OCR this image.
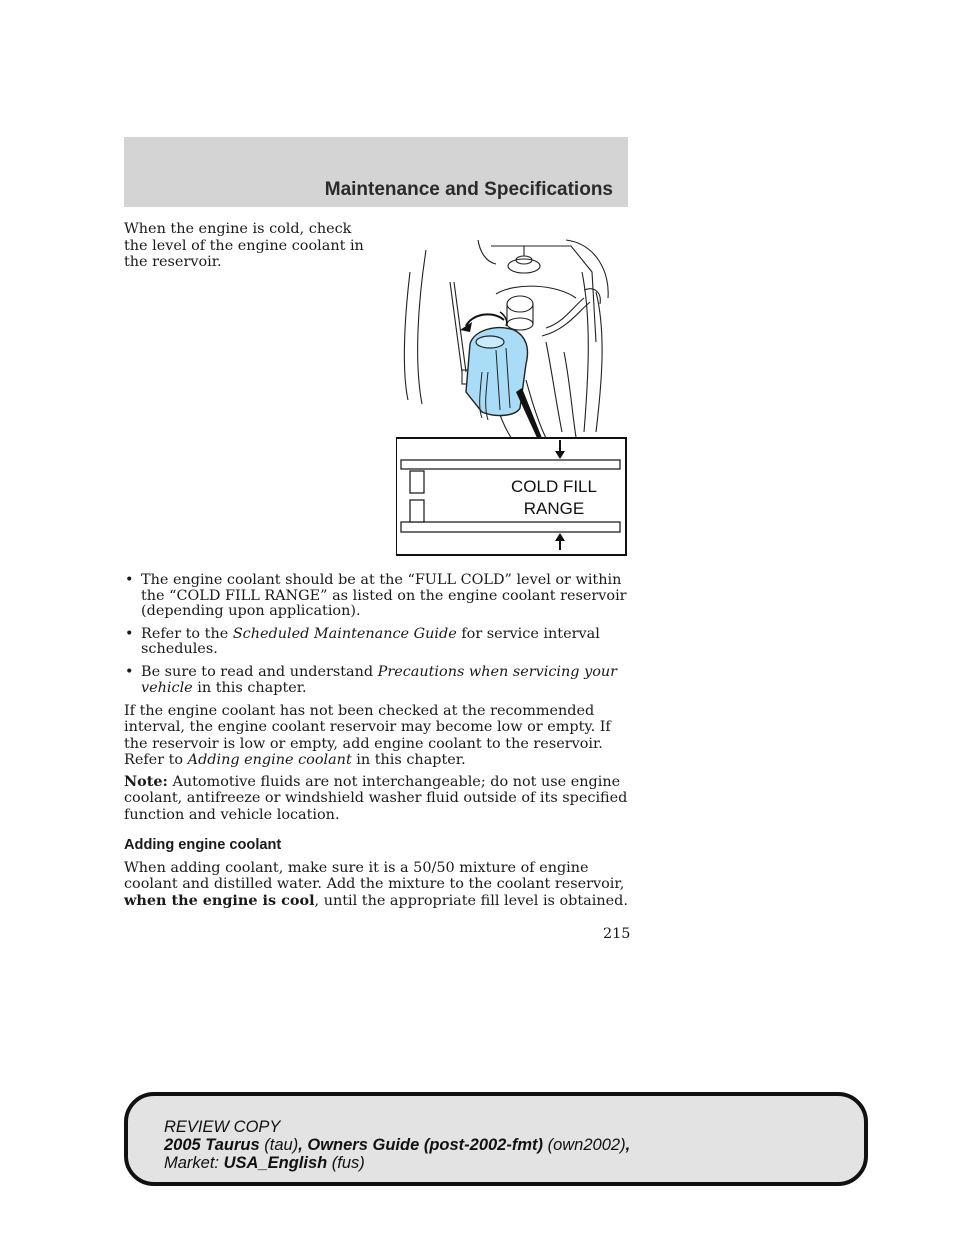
Maintenance and Specifications
When the engine is cold, check the level of the engine coolant in the reservoir.
COLD FILL
RANGE
• The engine coolant should be at the “FULL COLD” level or within the “COLD FILL RANGE” as listed on the engine coolant reservoir (depending upon application).
• Refer to the Scheduled Maintenance Guide for service interval schedules.
• Be sure to read and understand Precautions when servicing your vehicle in this chapter.

If the engine coolant has not been checked at the recommended interval, the engine coolant reservoir may become low or empty. If the reservoir is low or empty, add engine coolant to the reservoir. Refer to Adding engine coolant in this chapter.

Note: Automotive fluids are not interchangeable; do not use engine coolant, antifreeze or windshield washer fluid outside of its specified function and vehicle location.

Adding engine coolant

When adding coolant, make sure it is a 50/50 mixture of engine coolant and distilled water. Add the mixture to the coolant reservoir, when the engine is cool, until the appropriate fill level is obtained.

215
REVIEW COPY
2005 Taurus (tau), Owners Guide (post-2002-fmt) (own2002),
Market: USA_English (fus)
